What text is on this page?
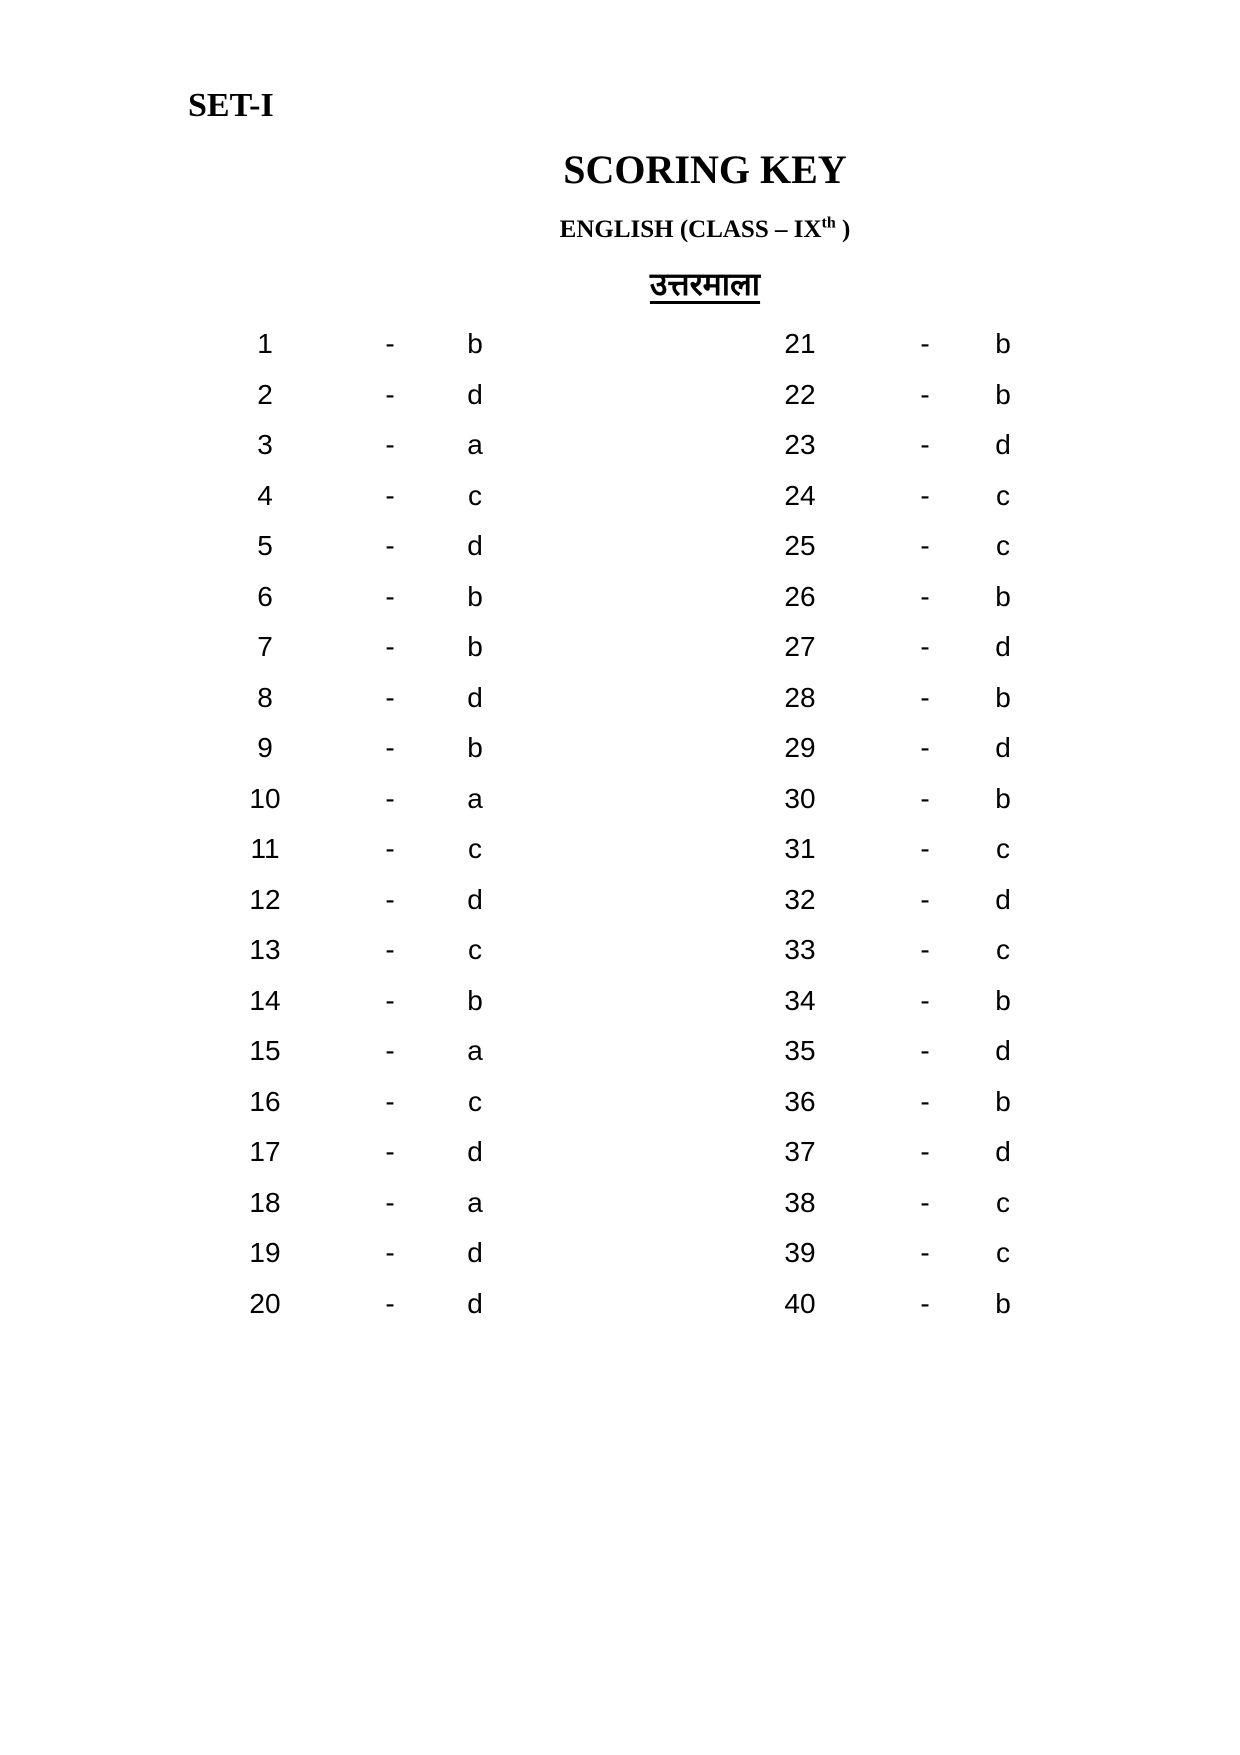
SET-I
SCORING KEY
ENGLISH (CLASS – IXth )
उत्तरमाला
1	-	b
2	-	d
3	-	a
4	-	c
5	-	d
6	-	b
7	-	b
8	-	d
9	-	b
10	-	a
11	-	c
12	-	d
13	-	c
14	-	b
15	-	a
16	-	c
17	-	d
18	-	a
19	-	d
20	-	d
21	-	b
22	-	b
23	-	d
24	-	c
25	-	c
26	-	b
27	-	d
28	-	b
29	-	d
30	-	b
31	-	c
32	-	d
33	-	c
34	-	b
35	-	d
36	-	b
37	-	d
38	-	c
39	-	c
40	-	b
